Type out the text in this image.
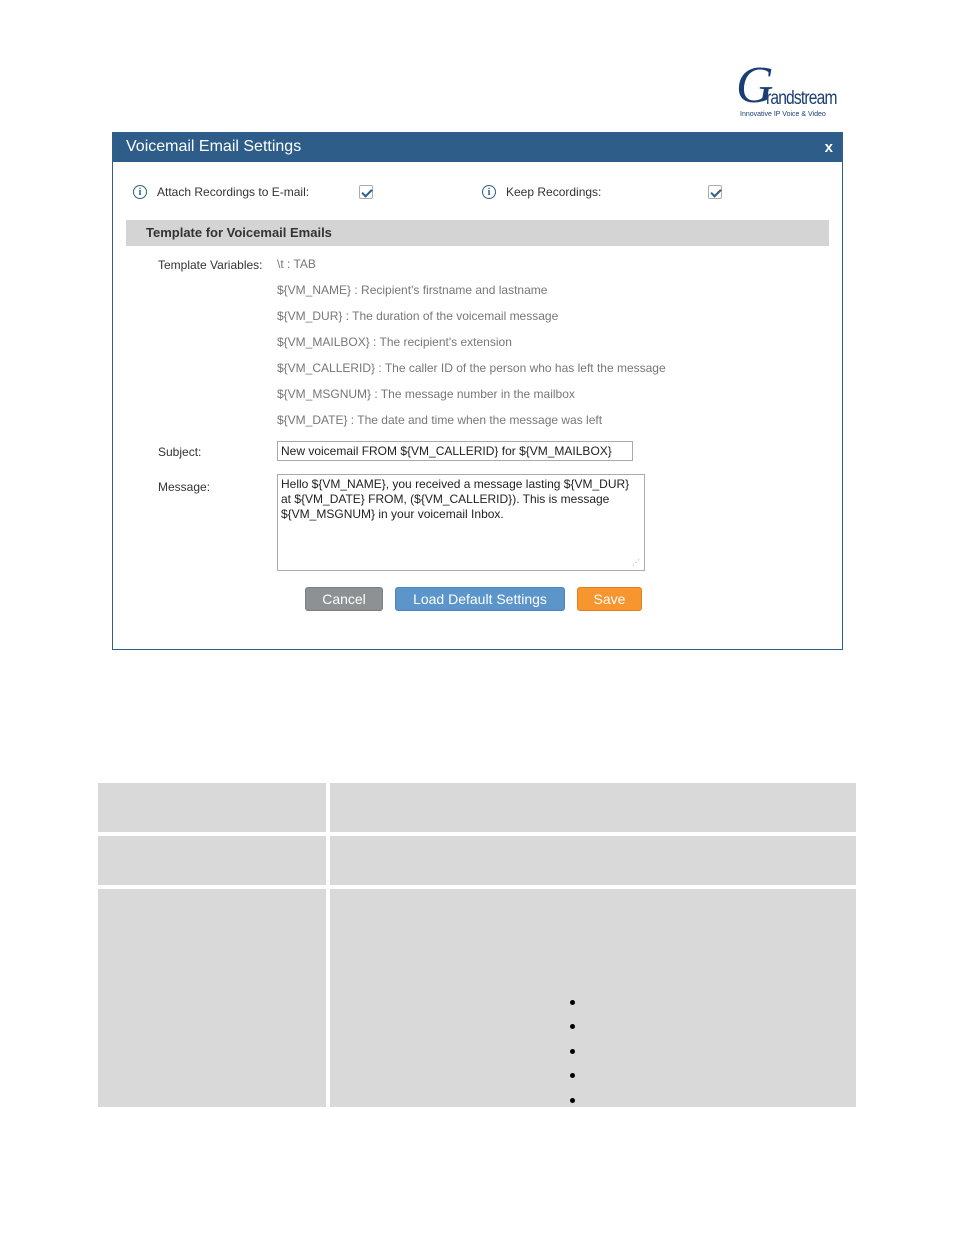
G
randstream
Innovative IP Voice & Video
Voicemail Email Settings	x
i	Attach Recordings to E-mail:	i	Keep Recordings:
Template for Voicemail Emails
Template Variables: \t : TAB
${VM_NAME} : Recipient's firstname and lastname
${VM_DUR} : The duration of the voicemail message
${VM_MAILBOX} : The recipient's extension
${VM_CALLERID} : The caller ID of the person who has left the message
${VM_MSGNUM} : The message number in the mailbox
${VM_DATE} : The date and time when the message was left
Subject:
New voicemail FROM ${VM_CALLERID} for ${VM_MAILBOX}
Message:
Hello ${VM_NAME}, you received a message lasting ${VM_DUR} at ${VM_DATE} FROM, (${VM_CALLERID}). This is message ${VM_MSGNUM} in your voicemail Inbox.
⋰
Cancel	Load Default Settings	Save
